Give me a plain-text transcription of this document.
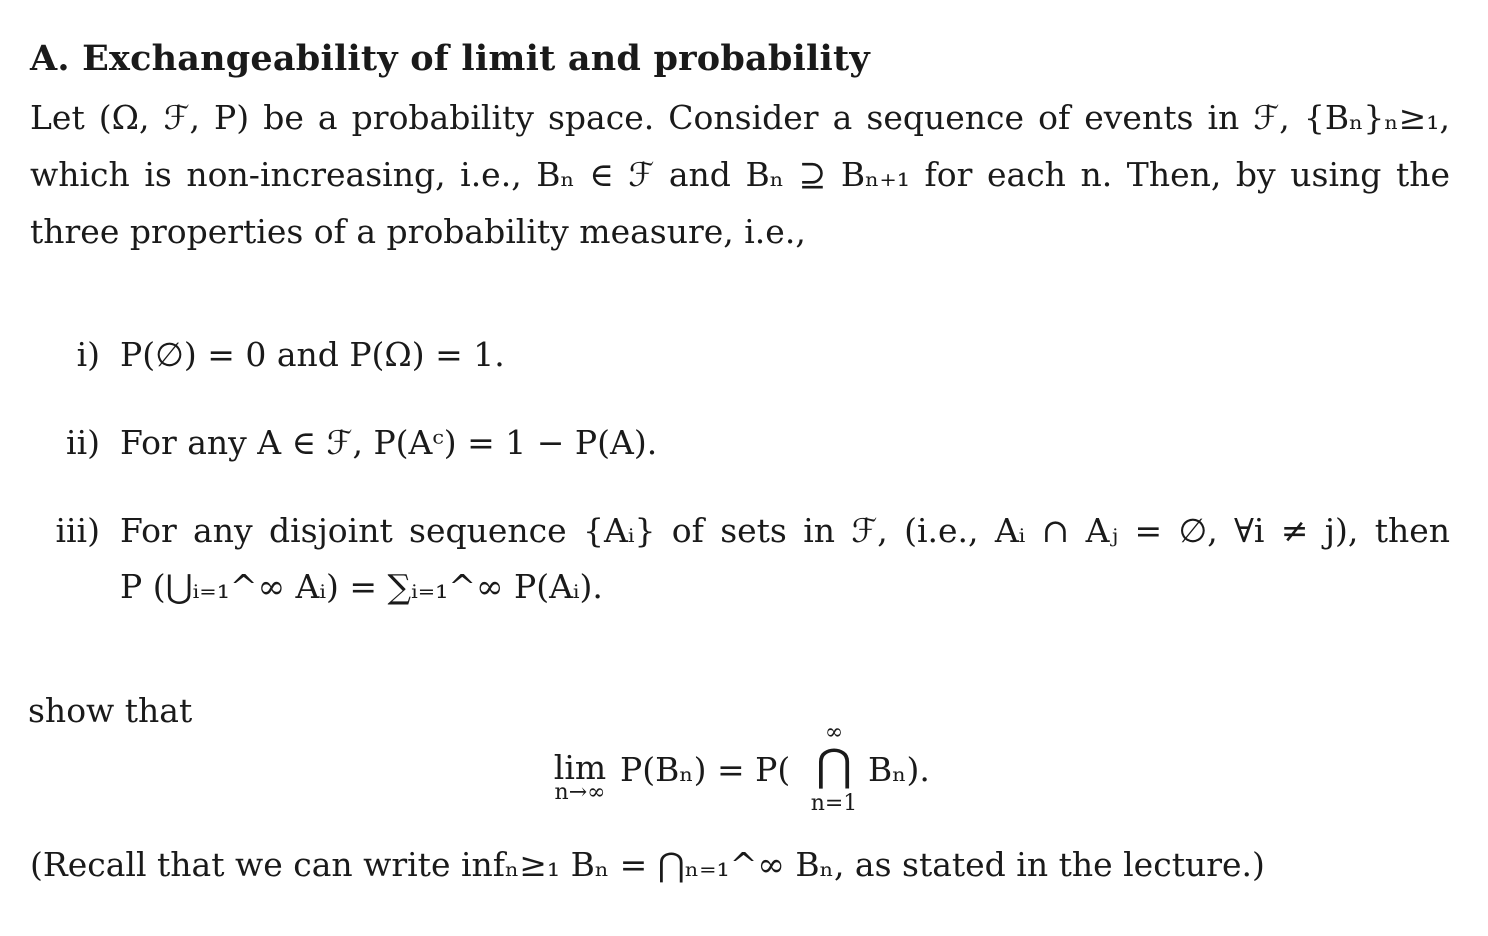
A. Exchangeability of limit and probability
Let (Ω, ℱ, P) be a probability space. Consider a sequence of events in ℱ, {Bₙ}ₙ≥₁,
which is non-increasing, i.e., Bₙ ∈ ℱ and Bₙ ⊇ Bₙ₊₁ for each n. Then, by using the
three properties of a probability measure, i.e.,
i) P(∅) = 0 and P(Ω) = 1.
ii) For any A ∈ ℱ, P(Aᶜ) = 1 − P(A).
iii) For any disjoint sequence {Aᵢ} of sets in ℱ, (i.e., Aᵢ ∩ Aⱼ = ∅, ∀i ≠ j), then
P (⋃ᵢ₌₁^∞ Aᵢ) = ∑ᵢ₌₁^∞ P(Aᵢ).
show that
lim
n→∞
P(Bₙ) = P(
∞
⋂
n=1
Bₙ).
(Recall that we can write infₙ≥₁ Bₙ = ⋂ₙ₌₁^∞ Bₙ, as stated in the lecture.)
